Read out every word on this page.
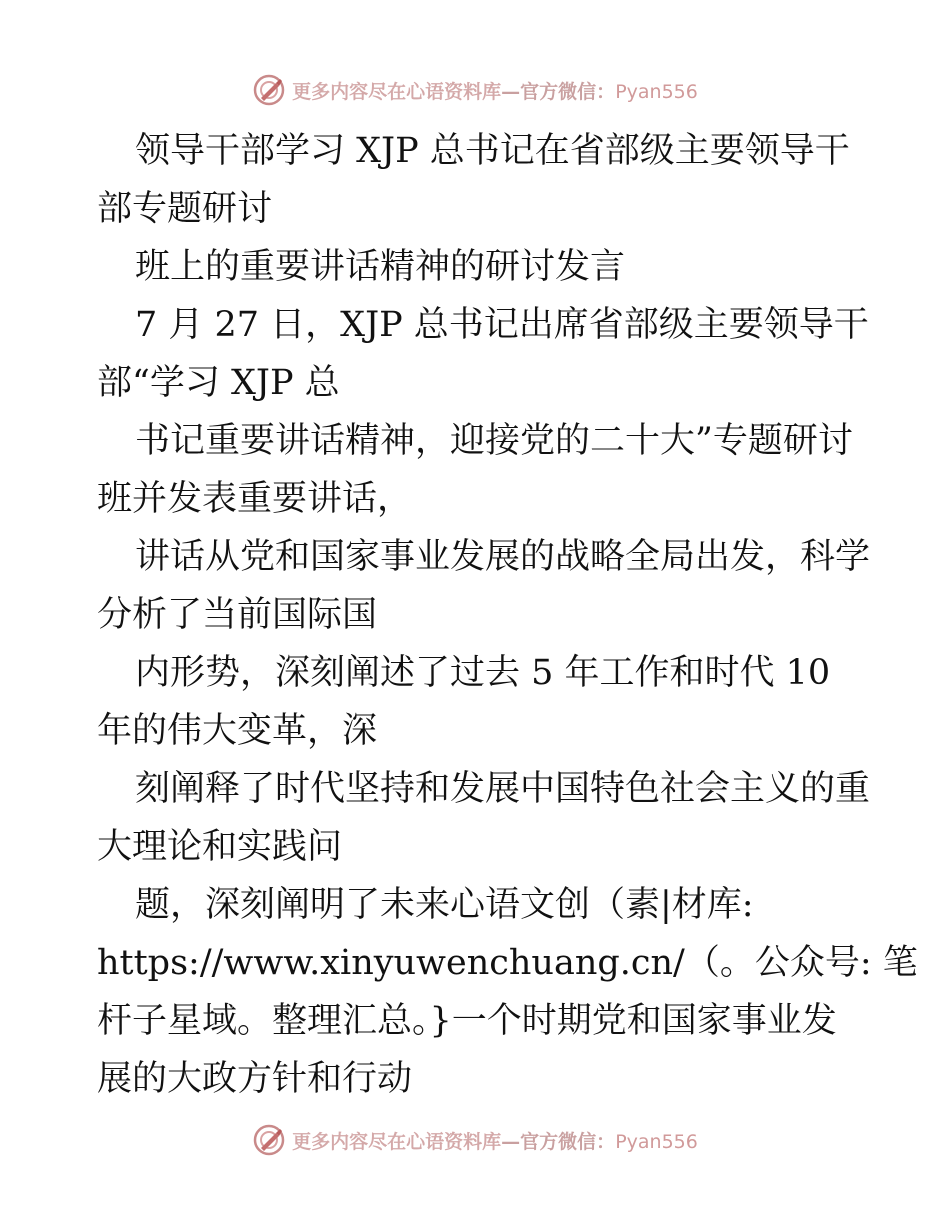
更多内容尽在心语资料库—官方微信：Pyan556
领导干部学习 XJP 总书记在省部级主要领导干
部专题研讨
班上的重要讲话精神的研讨发言
7 月 27 日，XJP 总书记出席省部级主要领导干
部“学习 XJP 总
书记重要讲话精神，迎接党的二十大”专题研讨
班并发表重要讲话，
讲话从党和国家事业发展的战略全局出发，科学
分析了当前国际国
内形势，深刻阐述了过去 5 年工作和时代 10
年的伟大变革，深
刻阐释了时代坚持和发展中国特色社会主义的重
大理论和实践问
题，深刻阐明了未来心语文创（素|材库:
https://www.xinyuwenchuang.cn/（。公众号: 笔
杆子星域。整理汇总。}一个时期党和国家事业发
展的大政方针和行动
更多内容尽在心语资料库—官方微信：Pyan556
